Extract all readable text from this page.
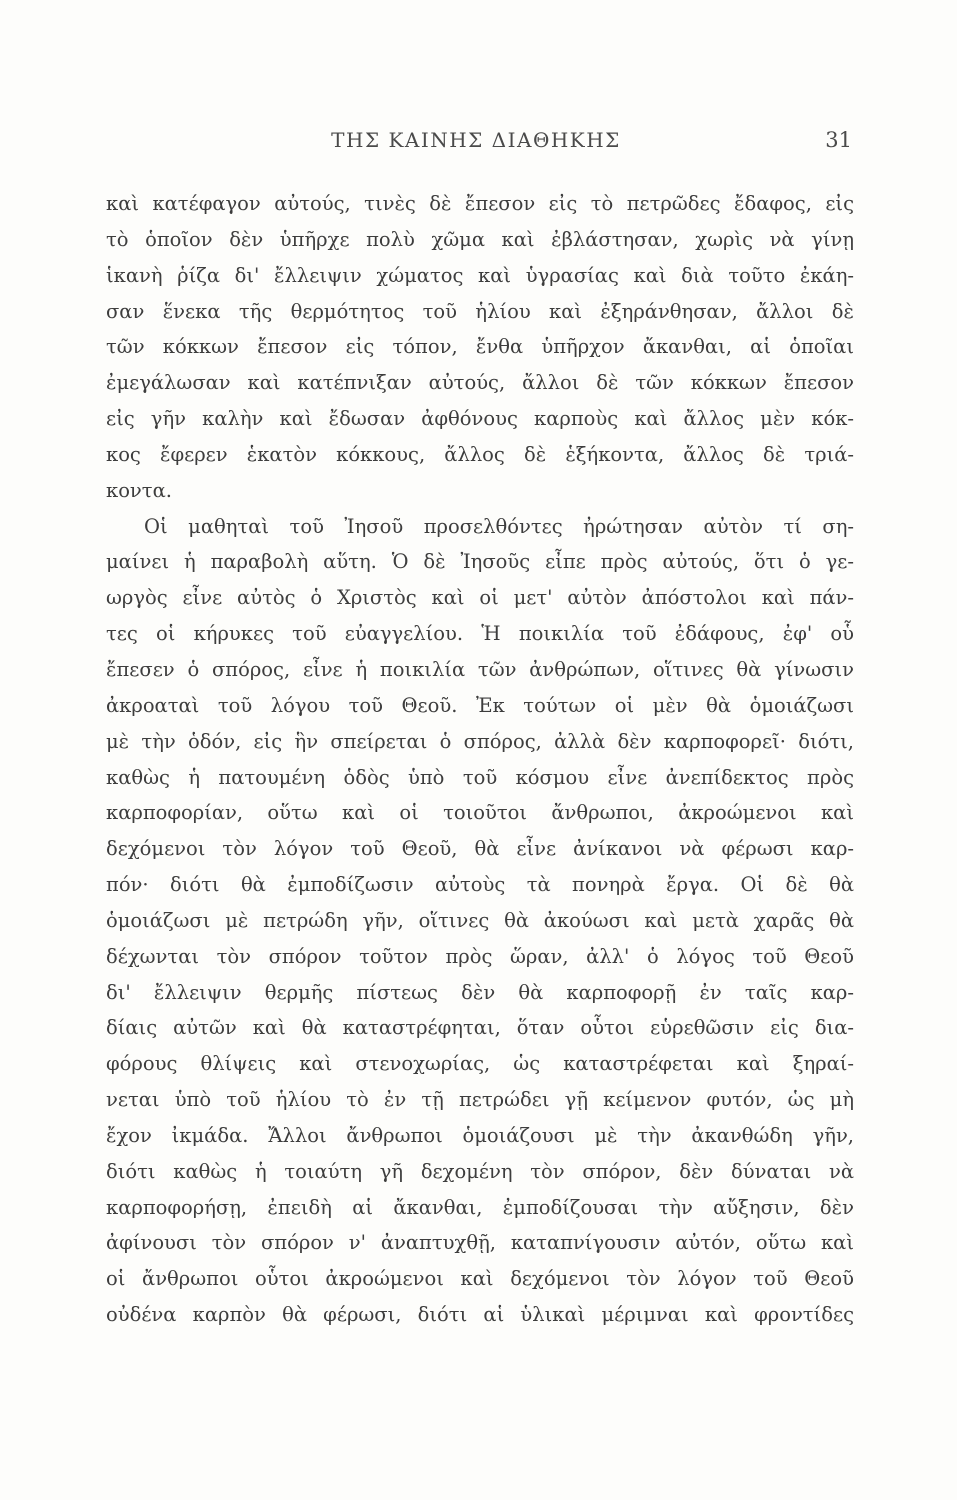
ΤΗΣ ΚΑΙΝΗΣ ΔΙΑΘΗΚΗΣ	31
καὶ κατέφαγον αὐτούς, τινὲς δὲ ἔπεσον εἰς τὸ πετρῶδες ἔδαφος, εἰς
τὸ ὁποῖον δὲν ὑπῆρχε πολὺ χῶμα καὶ ἐβλάστησαν, χωρὶς νὰ γίνῃ
ἱκανὴ ῥίζα δι' ἔλλειψιν χώματος καὶ ὑγρασίας καὶ διὰ τοῦτο ἐκάη-
σαν ἕνεκα τῆς θερμότητος τοῦ ἡλίου καὶ ἐξηράνθησαν, ἄλλοι δὲ
τῶν κόκκων ἔπεσον εἰς τόπον, ἔνθα ὑπῆρχον ἄκανθαι, αἱ ὁποῖαι
ἐμεγάλωσαν καὶ κατέπνιξαν αὐτούς, ἄλλοι δὲ τῶν κόκκων ἔπεσον
εἰς γῆν καλὴν καὶ ἔδωσαν ἀφθόνους καρποὺς καὶ ἄλλος μὲν κόκ-
κος ἔφερεν ἑκατὸν κόκκους, ἄλλος δὲ ἑξήκοντα, ἄλλος δὲ τριά-
κοντα.
Οἱ μαθηταὶ τοῦ Ἰησοῦ προσελθόντες ἠρώτησαν αὐτὸν τί ση-
μαίνει ἡ παραβολὴ αὕτη. Ὁ δὲ Ἰησοῦς εἶπε πρὸς αὐτούς, ὅτι ὁ γε-
ωργὸς εἶνε αὐτὸς ὁ Χριστὸς καὶ οἱ μετ' αὐτὸν ἀπόστολοι καὶ πάν-
τες οἱ κήρυκες τοῦ εὐαγγελίου. Ἡ ποικιλία τοῦ ἐδάφους, ἐφ' οὗ
ἔπεσεν ὁ σπόρος, εἶνε ἡ ποικιλία τῶν ἀνθρώπων, οἵτινες θὰ γίνωσιν
ἀκροαταὶ τοῦ λόγου τοῦ Θεοῦ. Ἐκ τούτων οἱ μὲν θὰ ὁμοιάζωσι
μὲ τὴν ὁδόν, εἰς ἣν σπείρεται ὁ σπόρος, ἀλλὰ δὲν καρποφορεῖ· διότι,
καθὼς ἡ πατουμένη ὁδὸς ὑπὸ τοῦ κόσμου εἶνε ἀνεπίδεκτος πρὸς
καρποφορίαν, οὕτω καὶ οἱ τοιοῦτοι ἄνθρωποι, ἀκροώμενοι καὶ
δεχόμενοι τὸν λόγον τοῦ Θεοῦ, θὰ εἶνε ἀνίκανοι νὰ φέρωσι καρ-
πόν· διότι θὰ ἐμποδίζωσιν αὐτοὺς τὰ πονηρὰ ἔργα. Οἱ δὲ θὰ
ὁμοιάζωσι μὲ πετρώδη γῆν, οἵτινες θὰ ἀκούωσι καὶ μετὰ χαρᾶς θὰ
δέχωνται τὸν σπόρον τοῦτον πρὸς ὥραν, ἀλλ' ὁ λόγος τοῦ Θεοῦ
δι' ἔλλειψιν θερμῆς πίστεως δὲν θὰ καρποφορῇ ἐν ταῖς καρ-
δίαις αὐτῶν καὶ θὰ καταστρέφηται, ὅταν οὗτοι εὑρεθῶσιν εἰς δια-
φόρους θλίψεις καὶ στενοχωρίας, ὡς καταστρέφεται καὶ ξηραί-
νεται ὑπὸ τοῦ ἡλίου τὸ ἐν τῇ πετρώδει γῇ κείμενον φυτόν, ὡς μὴ
ἔχον ἰκμάδα. Ἄλλοι ἄνθρωποι ὁμοιάζουσι μὲ τὴν ἀκανθώδη γῆν,
διότι καθὼς ἡ τοιαύτη γῆ δεχομένη τὸν σπόρον, δὲν δύναται νὰ
καρποφορήσῃ, ἐπειδὴ αἱ ἄκανθαι, ἐμποδίζουσαι τὴν αὔξησιν, δὲν
ἀφίνουσι τὸν σπόρον ν' ἀναπτυχθῇ, καταπνίγουσιν αὐτόν, οὕτω καὶ
οἱ ἄνθρωποι οὗτοι ἀκροώμενοι καὶ δεχόμενοι τὸν λόγον τοῦ Θεοῦ
οὐδένα καρπὸν θὰ φέρωσι, διότι αἱ ὑλικαὶ μέριμναι καὶ φροντίδες
